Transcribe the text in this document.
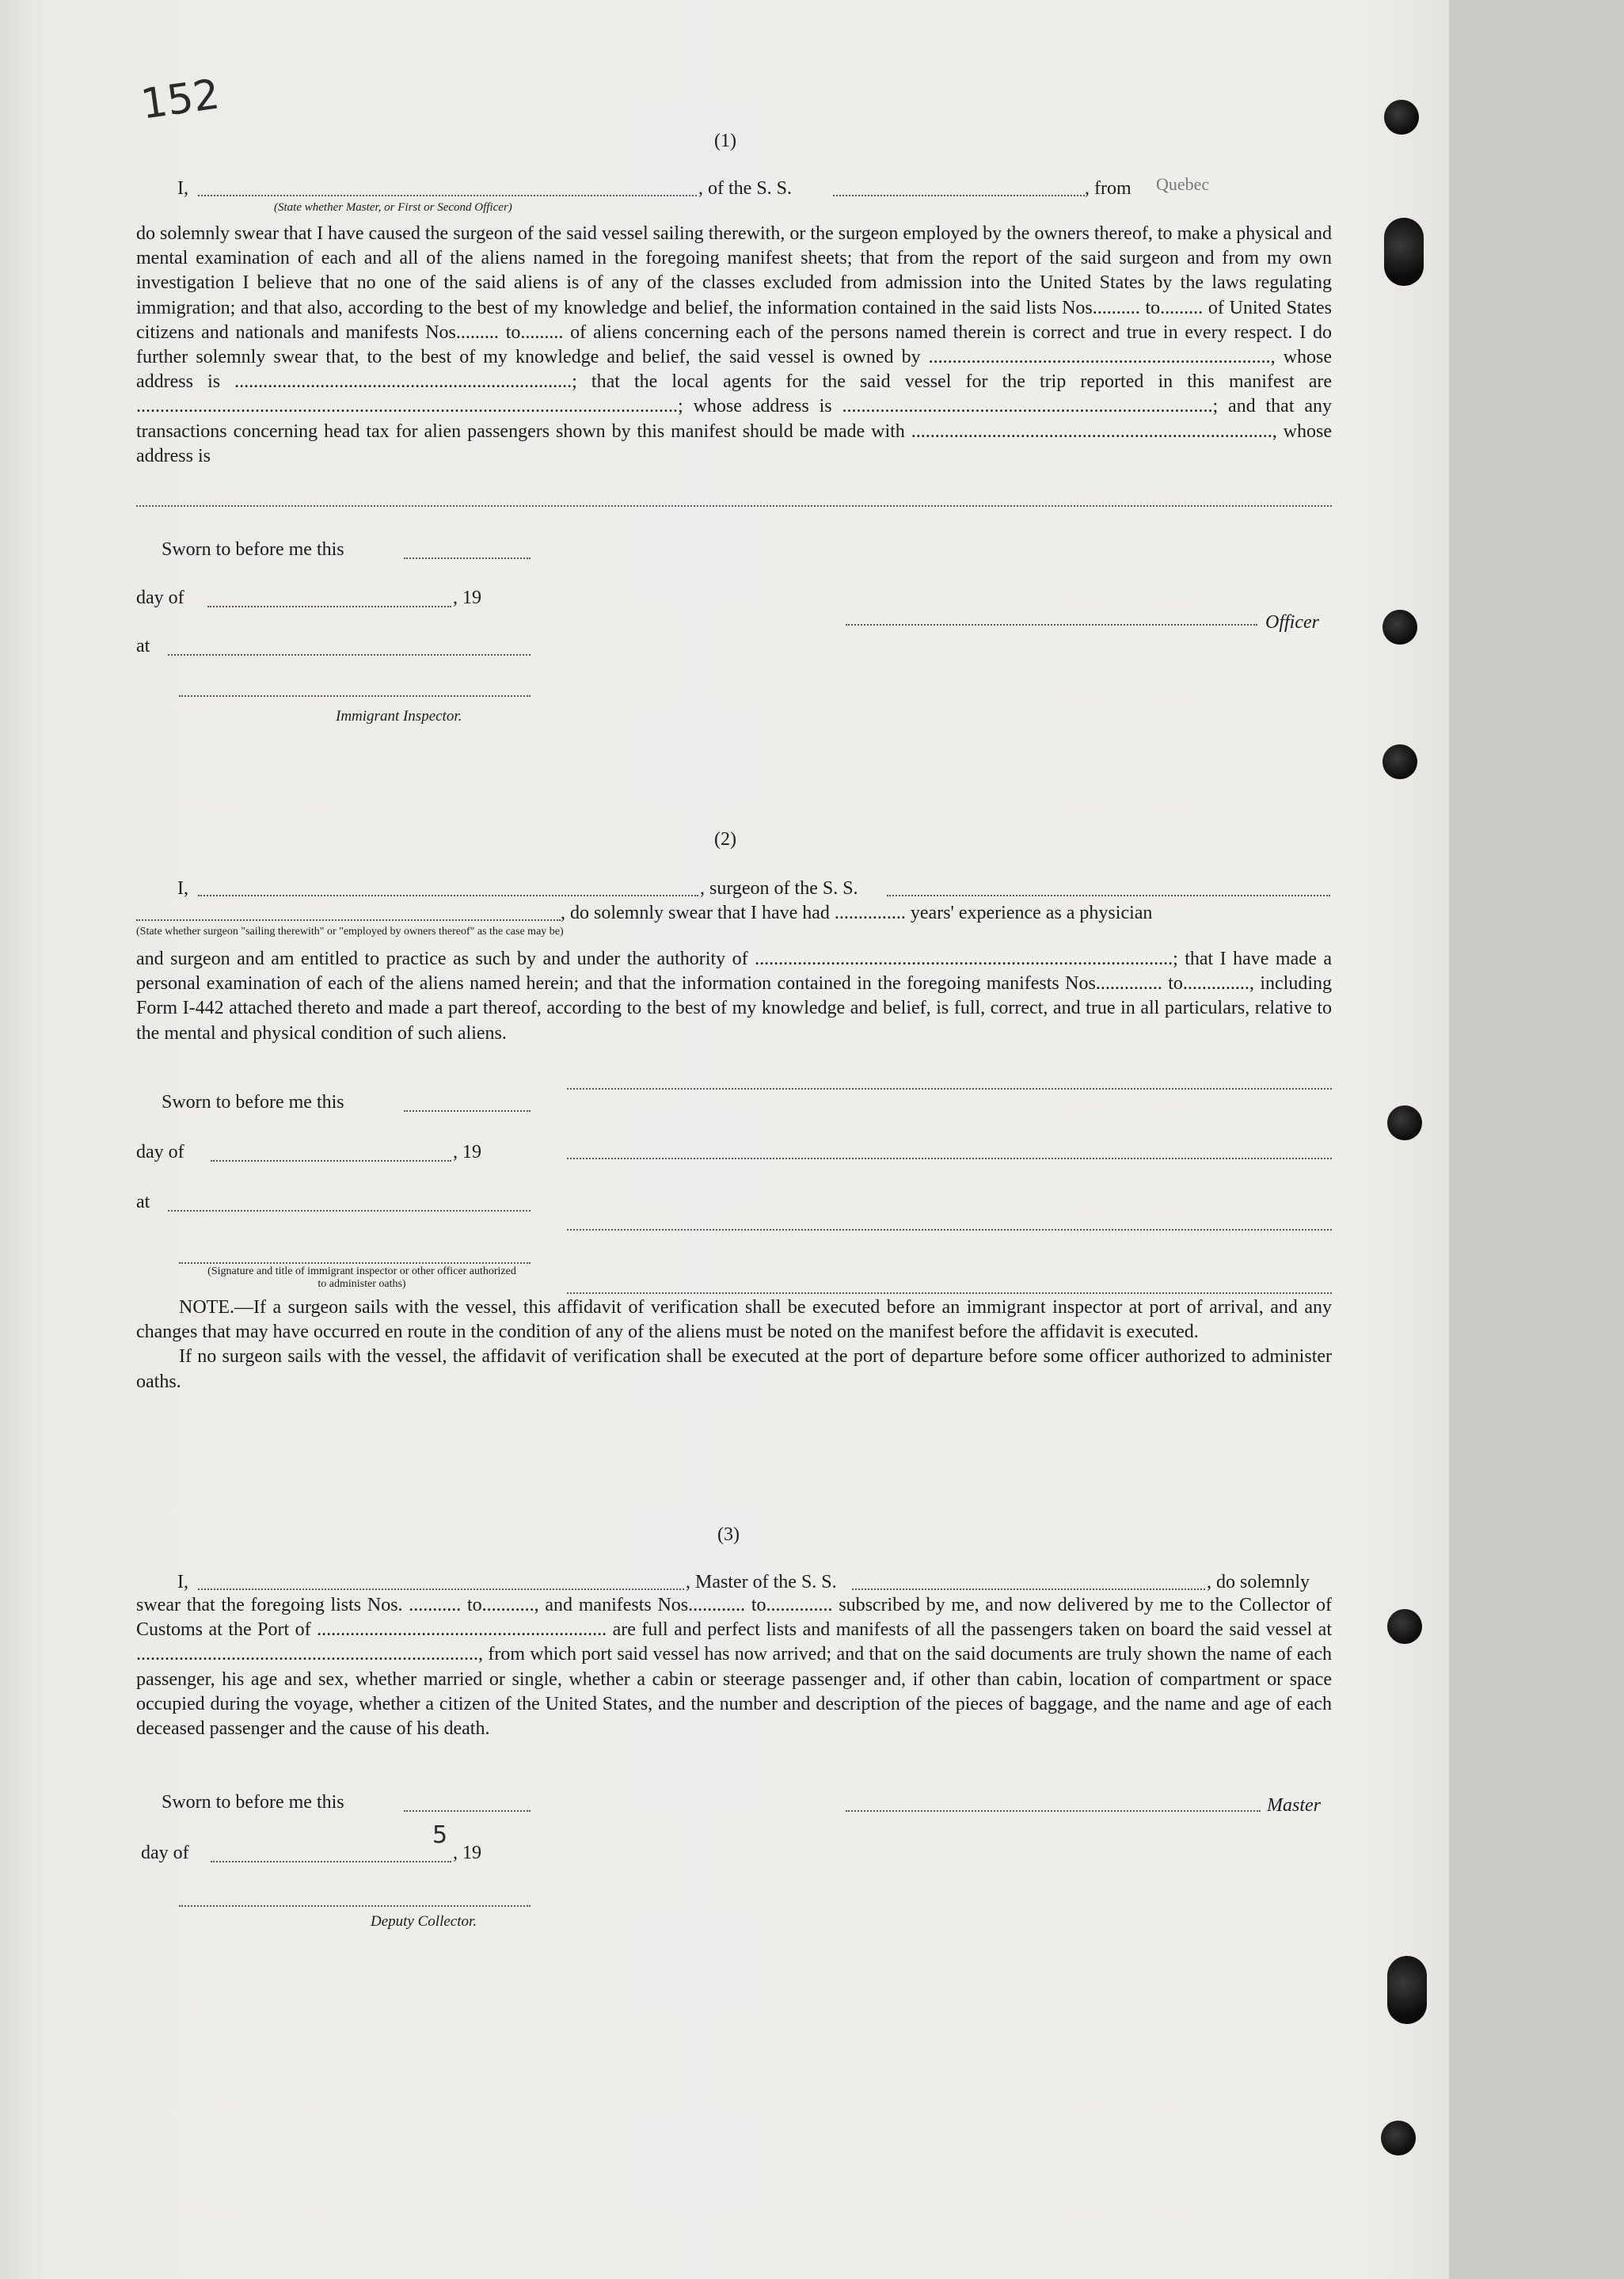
152
(1)
I,	, of the S. S.	, from Quebec
(State whether Master, or First or Second Officer)

do solemnly swear that I have caused the surgeon of the said vessel sailing therewith, or the surgeon employed by the owners thereof, to make a physical and mental examination of each and all of the aliens named in the foregoing manifest sheets; that from the report of the said surgeon and from my own investigation I believe that no one of the said aliens is of any of the classes excluded from admission into the United States by the laws regulating immigration; and that also, according to the best of my knowledge and belief, the information contained in the said lists Nos.......... to......... of United States citizens and nationals and manifests Nos......... to......... of aliens concerning each of the persons named therein is correct and true in every respect. I do further solemnly swear that, to the best of my knowledge and belief, the said vessel is owned by ........................................................................, whose address is .......................................................................; that the local agents for the said vessel for the trip reported in this manifest are ..................................................................................................................; whose address is ..............................................................................; and that any transactions concerning head tax for alien passengers shown by this manifest should be made with ............................................................................, whose address is

Sworn to before me this
day of	, 19
at
Officer
Immigrant Inspector.
(2)
I,	, surgeon of the S. S.
, do solemnly swear that I have had ............... years' experience as a physician
(State whether surgeon "sailing therewith" or "employed by owners thereof" as the case may be)

and surgeon and am entitled to practice as such by and under the authority of ........................................................................................; that I have made a personal examination of each of the aliens named herein; and that the information contained in the foregoing manifests Nos.............. to.............., including Form I-442 attached thereto and made a part thereof, according to the best of my knowledge and belief, is full, correct, and true in all particulars, relative to the mental and physical condition of such aliens.

Sworn to before me this
day of	, 19
at
(Signature and title of immigrant inspector or other officer authorized to administer oaths)

NOTE.—If a surgeon sails with the vessel, this affidavit of verification shall be executed before an immigrant inspector at port of arrival, and any changes that may have occurred en route in the condition of any of the aliens must be noted on the manifest before the affidavit is executed.

If no surgeon sails with the vessel, the affidavit of verification shall be executed at the port of departure before some officer authorized to administer oaths.

(3)
I,	, Master of the S. S.	, do solemnly

swear that the foregoing lists Nos. ........... to..........., and manifests Nos............ to.............. subscribed by me, and now delivered by me to the Collector of Customs at the Port of ............................................................. are full and perfect lists and manifests of all the passengers taken on board the said vessel at ........................................................................, from which port said vessel has now arrived; and that on the said documents are truly shown the name of each passenger, his age and sex, whether married or single, whether a cabin or steerage passenger and, if other than cabin, location of compartment or space occupied during the voyage, whether a citizen of the United States, and the number and description of the pieces of baggage, and the name and age of each deceased passenger and the cause of his death.

Sworn to before me this
5
Master
day of	, 19
Deputy Collector.
